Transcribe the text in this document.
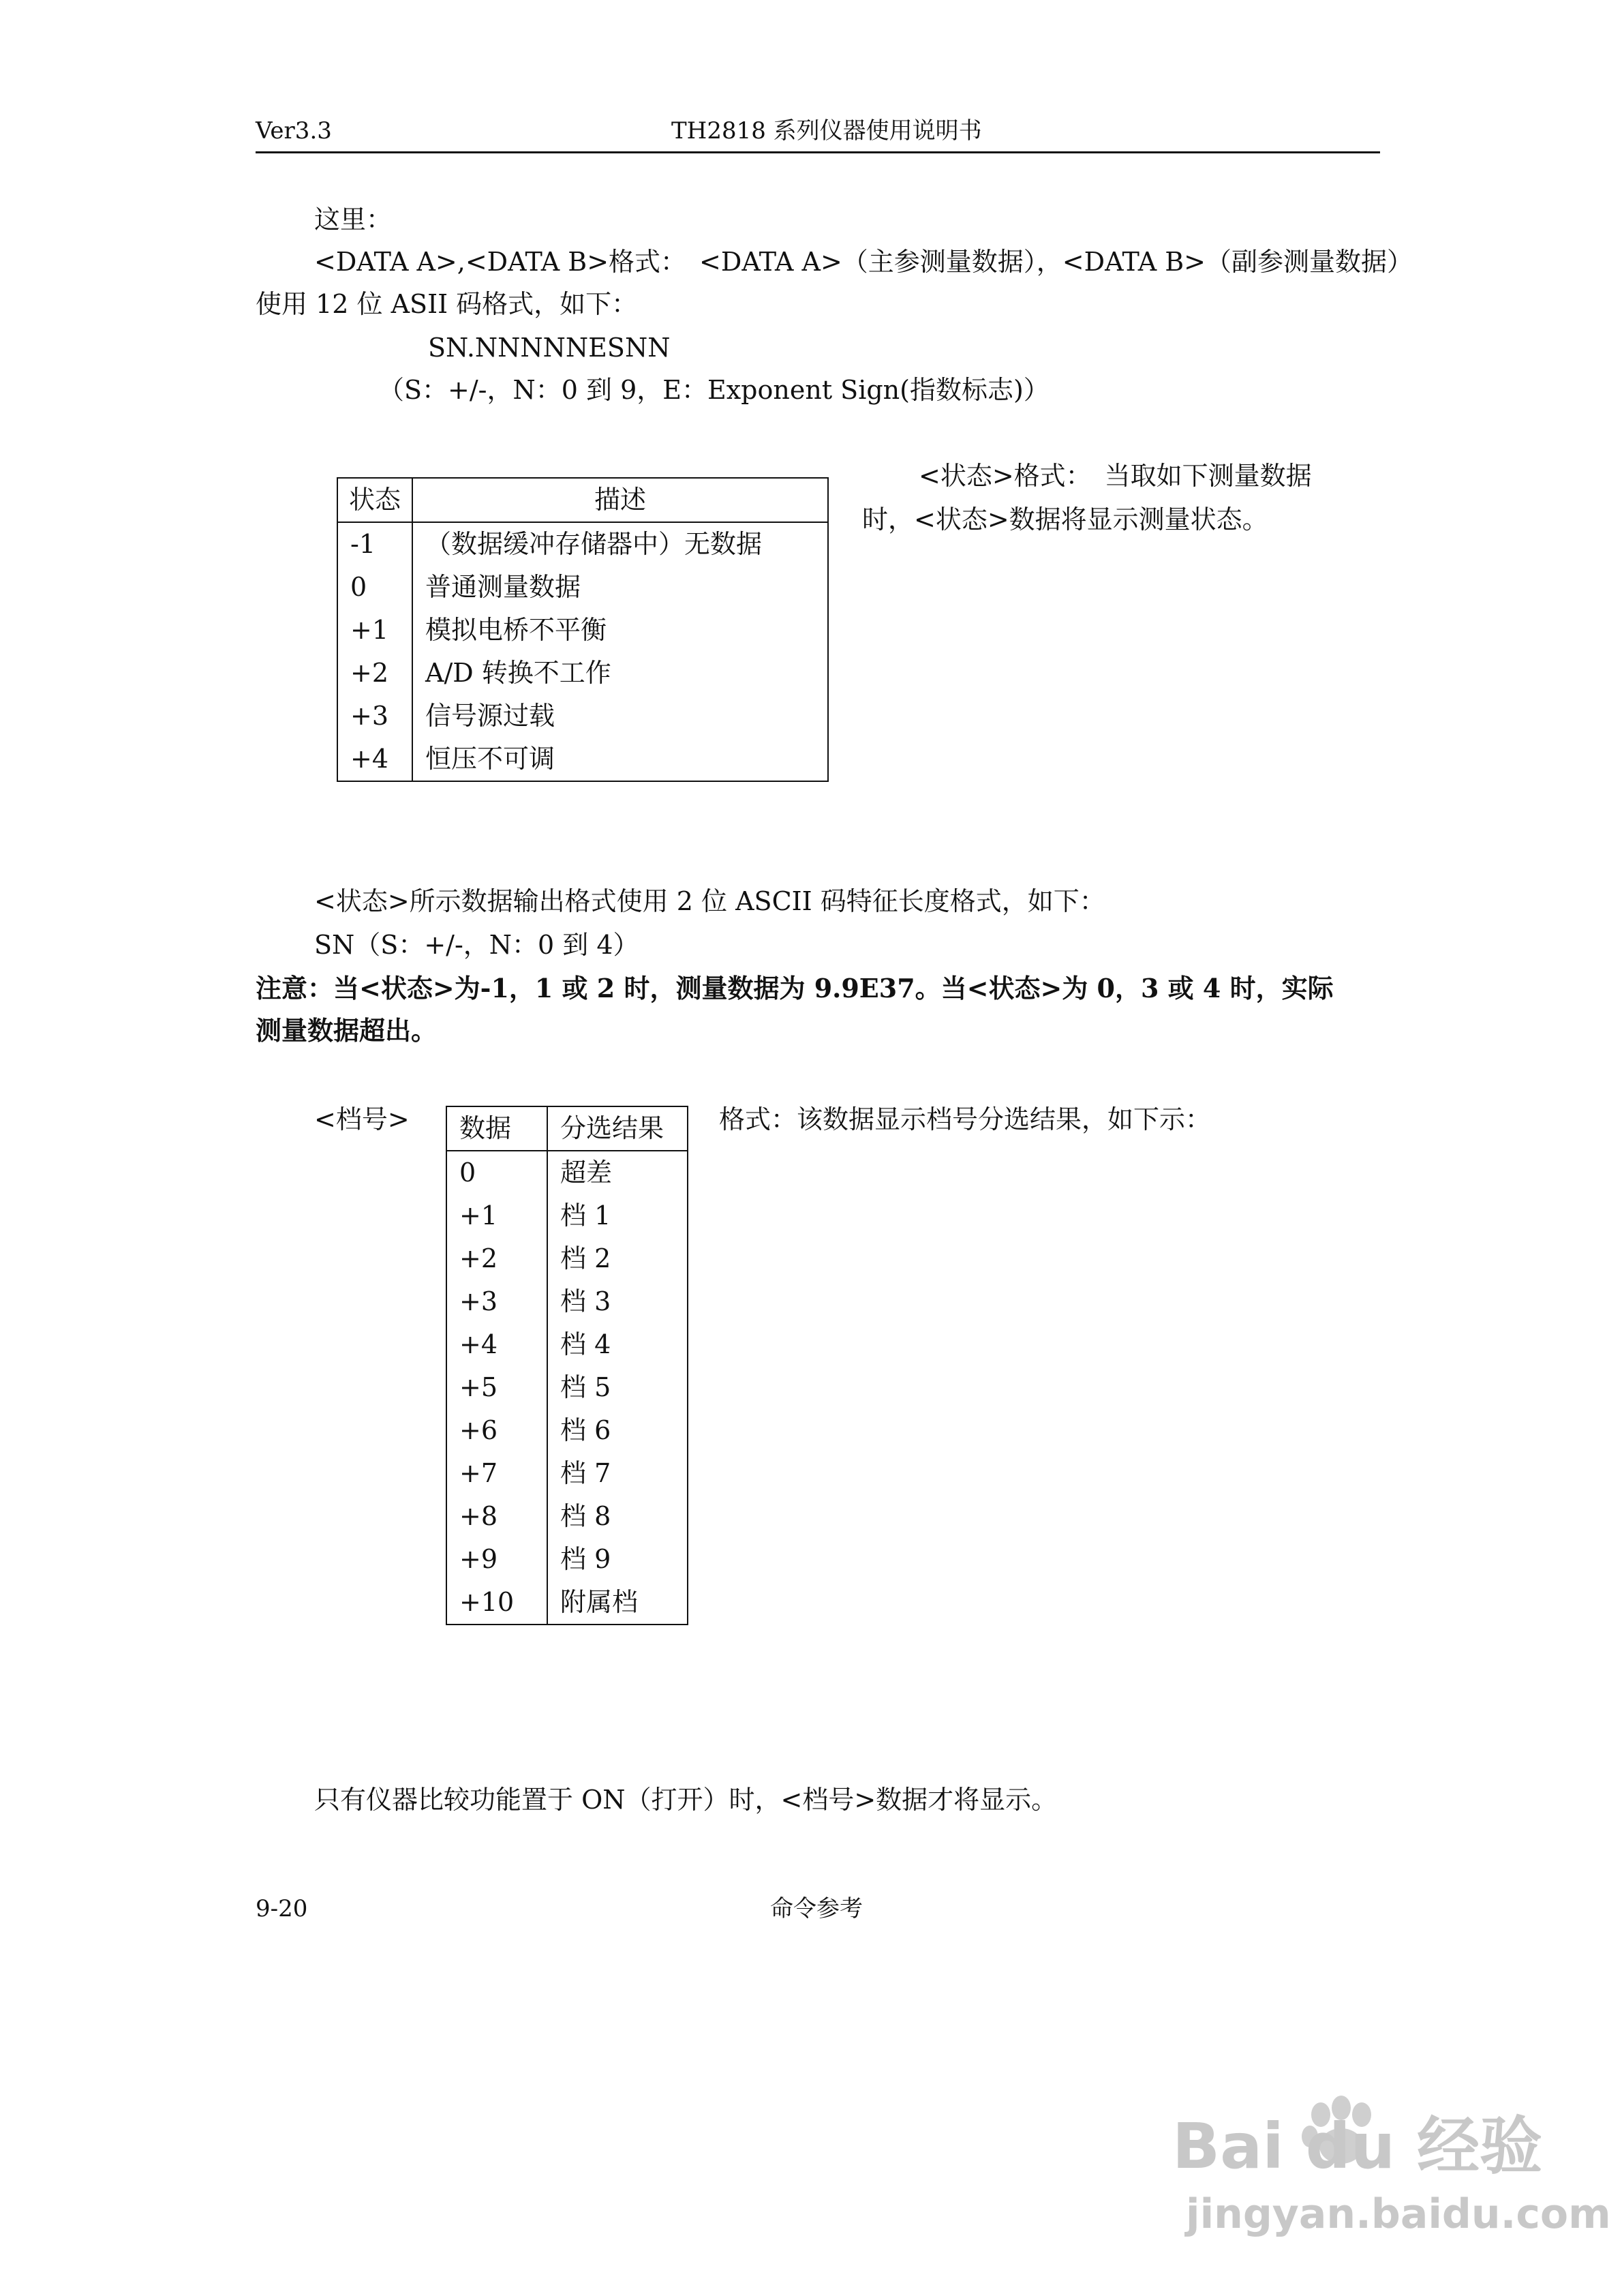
Ver3.3	TH2818 系列仪器使用说明书
这里：
<DATA A>,<DATA B>格式：　<DATA A>（主参测量数据），<DATA B>（副参测量数据）
使用 12 位 ASII 码格式，如下：
SN.NNNNNESNN
（S：+/-，N：0 到 9，E：Exponent Sign(指数标志)）
状态	描述
-1	（数据缓冲存储器中）无数据
0	普通测量数据
+1	模拟电桥不平衡
+2	A/D 转换不工作
+3	信号源过载
+4	恒压不可调
<状态>格式：　当取如下测量数据
时，<状态>数据将显示测量状态。
<状态>所示数据输出格式使用 2 位 ASCII 码特征长度格式，如下：
SN（S：+/-，N：0 到 4）
注意：当<状态>为-1，1 或 2 时，测量数据为 9.9E37。当<状态>为 0，3 或 4 时，实际
测量数据超出。
<档号> 数据	分选结果
0	超差
+1	档 1
+2	档 2
+3	档 3
+4	档 4
+5	档 5
+6	档 6
+7	档 7
+8	档 8
+9	档 9
+10	附属档
格式：该数据显示档号分选结果，如下示：
只有仪器比较功能置于 ON（打开）时，<档号>数据才将显示。
9-20	命令参考
Bai du 经验
jingyan.baidu.com
